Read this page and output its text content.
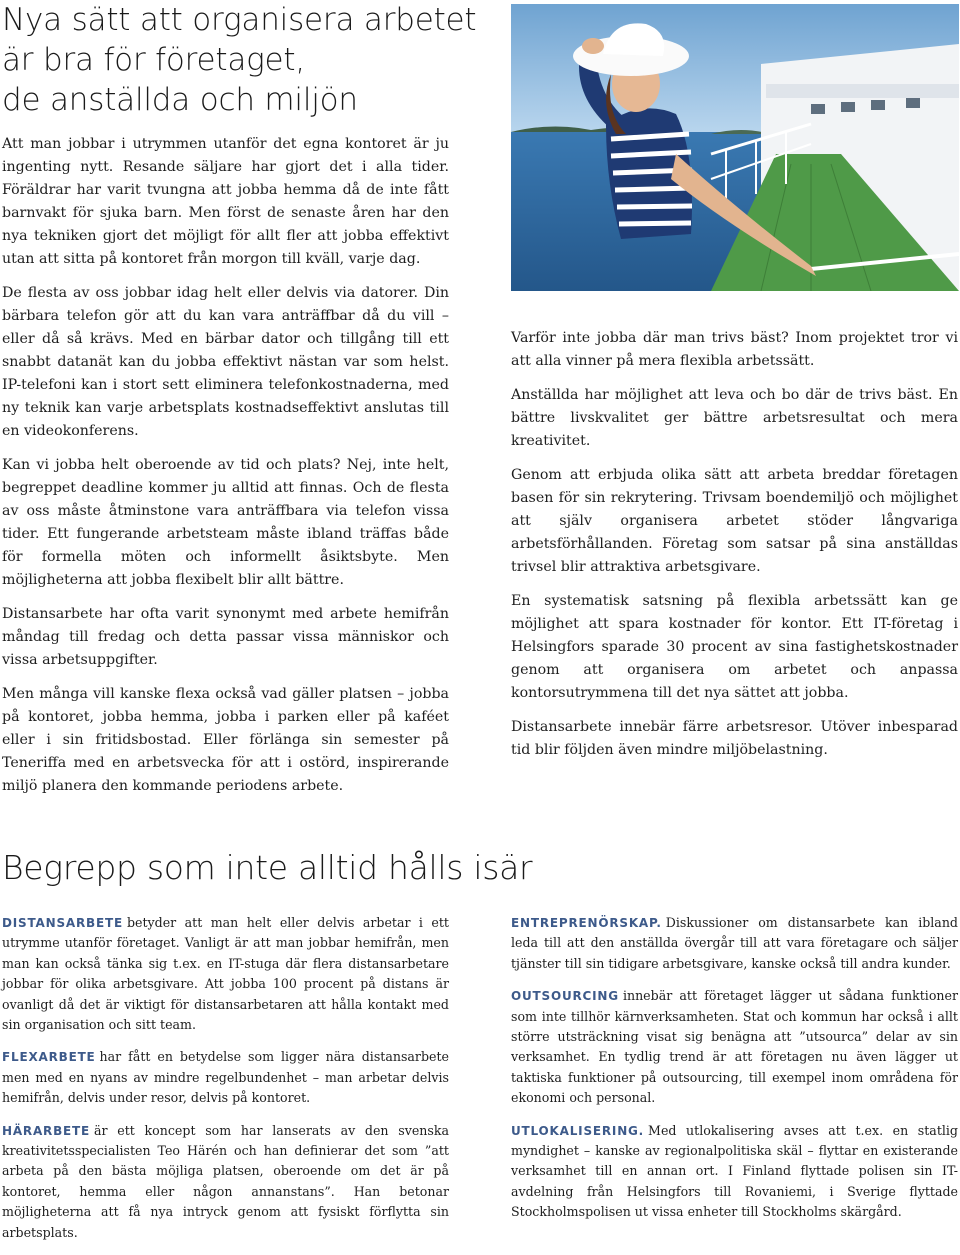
Nya sätt att organisera arbetet
är bra för företaget,
de anställda och miljön

Att man jobbar i utrymmen utanför det egna kontoret är ju ingenting nytt. Resande säljare har gjort det i alla tider. Föräldrar har varit tvungna att jobba hemma då de inte fått barnvakt för sjuka barn. Men först de senaste åren har den nya tekniken gjort det möjligt för allt fler att jobba effektivt utan att sitta på kontoret från morgon till kväll, varje dag.

De flesta av oss jobbar idag helt eller delvis via datorer. Din bärbara telefon gör att du kan vara anträffbar då du vill – eller då så krävs. Med en bärbar dator och tillgång till ett snabbt datanät kan du jobba effektivt nästan var som helst. IP-telefoni kan i stort sett eliminera telefonkostnaderna, med ny teknik kan varje arbetsplats kostnadseffektivt anslutas till en videokonferens.

Kan vi jobba helt oberoende av tid och plats? Nej, inte helt, begreppet deadline kommer ju alltid att finnas. Och de flesta av oss måste åtminstone vara anträffbara via telefon vissa tider. Ett fungerande arbetsteam måste ibland träffas både för formella möten och informellt åsiktsbyte. Men möjligheterna att jobba flexibelt blir allt bättre.

Distansarbete har ofta varit synonymt med arbete hemifrån måndag till fredag och detta passar vissa människor och vissa arbetsuppgifter.

Men många vill kanske flexa också vad gäller platsen – jobba på kontoret, jobba hemma, jobba i parken eller på kaféet eller i sin fritidsbostad. Eller förlänga sin semester på Teneriffa med en arbetsvecka för att i ostörd, inspirerande miljö planera den kommande periodens arbete.

Varför inte jobba där man trivs bäst? Inom projektet tror vi att alla vinner på mera flexibla arbetssätt.

Anställda har möjlighet att leva och bo där de trivs bäst. En bättre livskvalitet ger bättre arbetsresultat och mera kreativitet.

Genom att erbjuda olika sätt att arbeta breddar företagen basen för sin rekrytering. Trivsam boendemiljö och möjlighet att själv organisera arbetet stöder långvariga arbetsförhållanden. Företag som satsar på sina anställdas trivsel blir attraktiva arbetsgivare.

En systematisk satsning på flexibla arbetssätt kan ge möjlighet att spara kostnader för kontor. Ett IT-företag i Helsingfors sparade 30 procent av sina fastighetskostnader genom att organisera om arbetet och anpassa kontorsutrymmena till det nya sättet att jobba.

Distansarbete innebär färre arbetsresor. Utöver inbesparad tid blir följden även mindre miljöbelastning.

Begrepp som inte alltid hålls isär

DISTANSARBETE betyder att man helt eller delvis arbetar i ett utrymme utanför företaget. Vanligt är att man jobbar hemifrån, men man kan också tänka sig t.ex. en IT-stuga där flera distansarbetare jobbar för olika arbetsgivare. Att jobba 100 procent på distans är ovanligt då det är viktigt för distansarbetaren att hålla kontakt med sin organisation och sitt team.

FLEXARBETE har fått en betydelse som ligger nära distansarbete men med en nyans av mindre regelbundenhet – man arbetar delvis hemifrån, delvis under resor, delvis på kontoret.

HÄRARBETE är ett koncept som har lanserats av den svenska kreativitetsspecialisten Teo Härén och han definierar det som ”att arbeta på den bästa möjliga platsen, oberoende om det är på kontoret, hemma eller någon annanstans”. Han betonar möjligheterna att få nya intryck genom att fysiskt förflytta sin arbetsplats.

ENTREPRENÖRSKAP. Diskussioner om distansarbete kan ibland leda till att den anställda övergår till att vara företagare och säljer tjänster till sin tidigare arbetsgivare, kanske också till andra kunder.

OUTSOURCING innebär att företaget lägger ut sådana funktioner som inte tillhör kärnverksamheten. Stat och kommun har också i allt större utsträckning visat sig benägna att ”utsourca” delar av sin verksamhet. En tydlig trend är att företagen nu även lägger ut taktiska funktioner på outsourcing, till exempel inom områdena för ekonomi och personal.

UTLOKALISERING. Med utlokalisering avses att t.ex. en statlig myndighet – kanske av regionalpolitiska skäl – flyttar en existerande verksamhet till en annan ort. I Finland flyttade polisen sin IT-avdelning från Helsingfors till Rovaniemi, i Sverige flyttade Stockholmspolisen ut vissa enheter till Stockholms skärgård.
